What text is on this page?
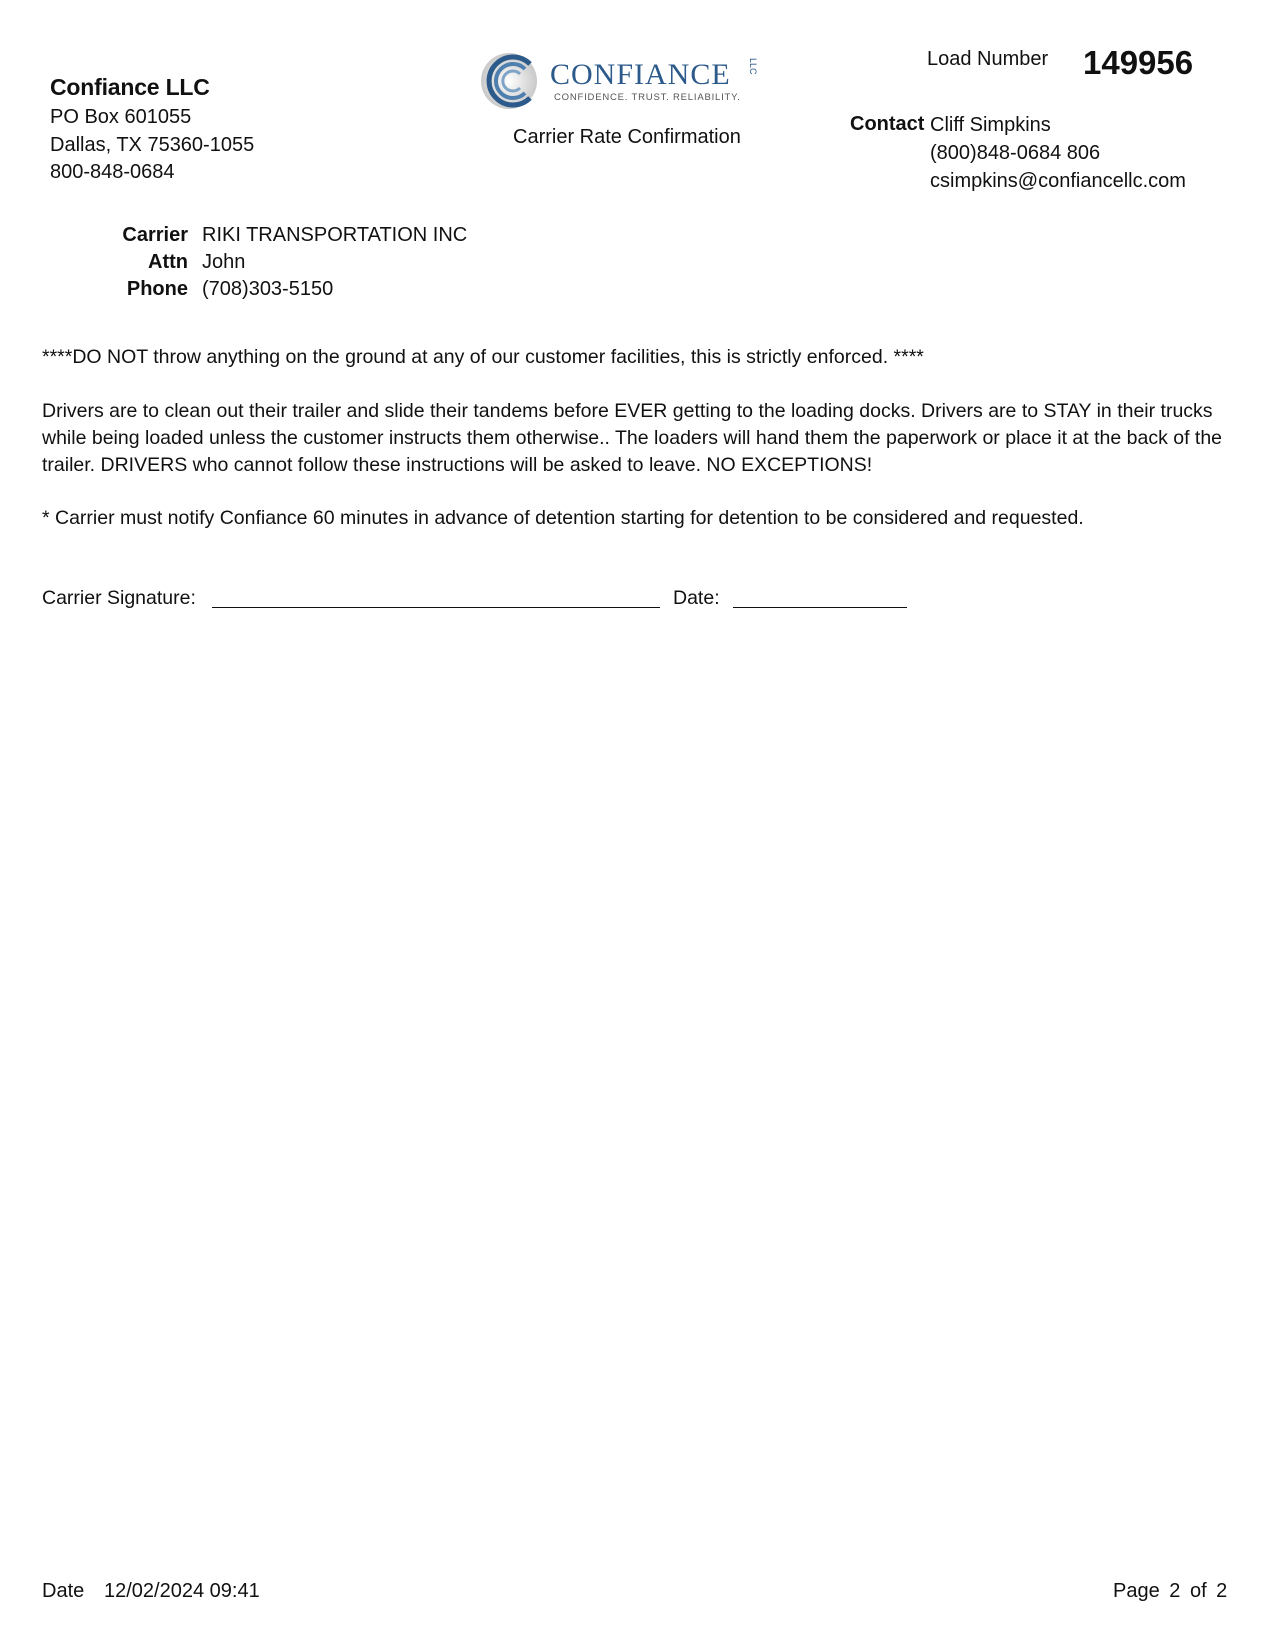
Confiance LLC
PO Box 601055
Dallas, TX 75360-1055
800-848-0684
CONFIANCE LLC
CONFIDENCE. TRUST. RELIABILITY.
Carrier Rate Confirmation
Load Number 149956
Contact Cliff Simpkins
(800)848-0684 806
csimpkins@confiancellc.com
Carrier RIKI TRANSPORTATION INC
Attn John
Phone (708)303-5150
****DO NOT throw anything on the ground at any of our customer facilities, this is strictly enforced. ****
Drivers are to clean out their trailer and slide their tandems before EVER getting to the loading docks. Drivers are to STAY in their trucks while being loaded unless the customer instructs them otherwise.. The loaders will hand them the paperwork or place it at the back of the trailer. DRIVERS who cannot follow these instructions will be asked to leave. NO EXCEPTIONS!
* Carrier must notify Confiance 60 minutes in advance of detention starting for detention to be considered and requested.
Carrier Signature:	Date:
Date 12/02/2024 09:41	Page 2 of 2
